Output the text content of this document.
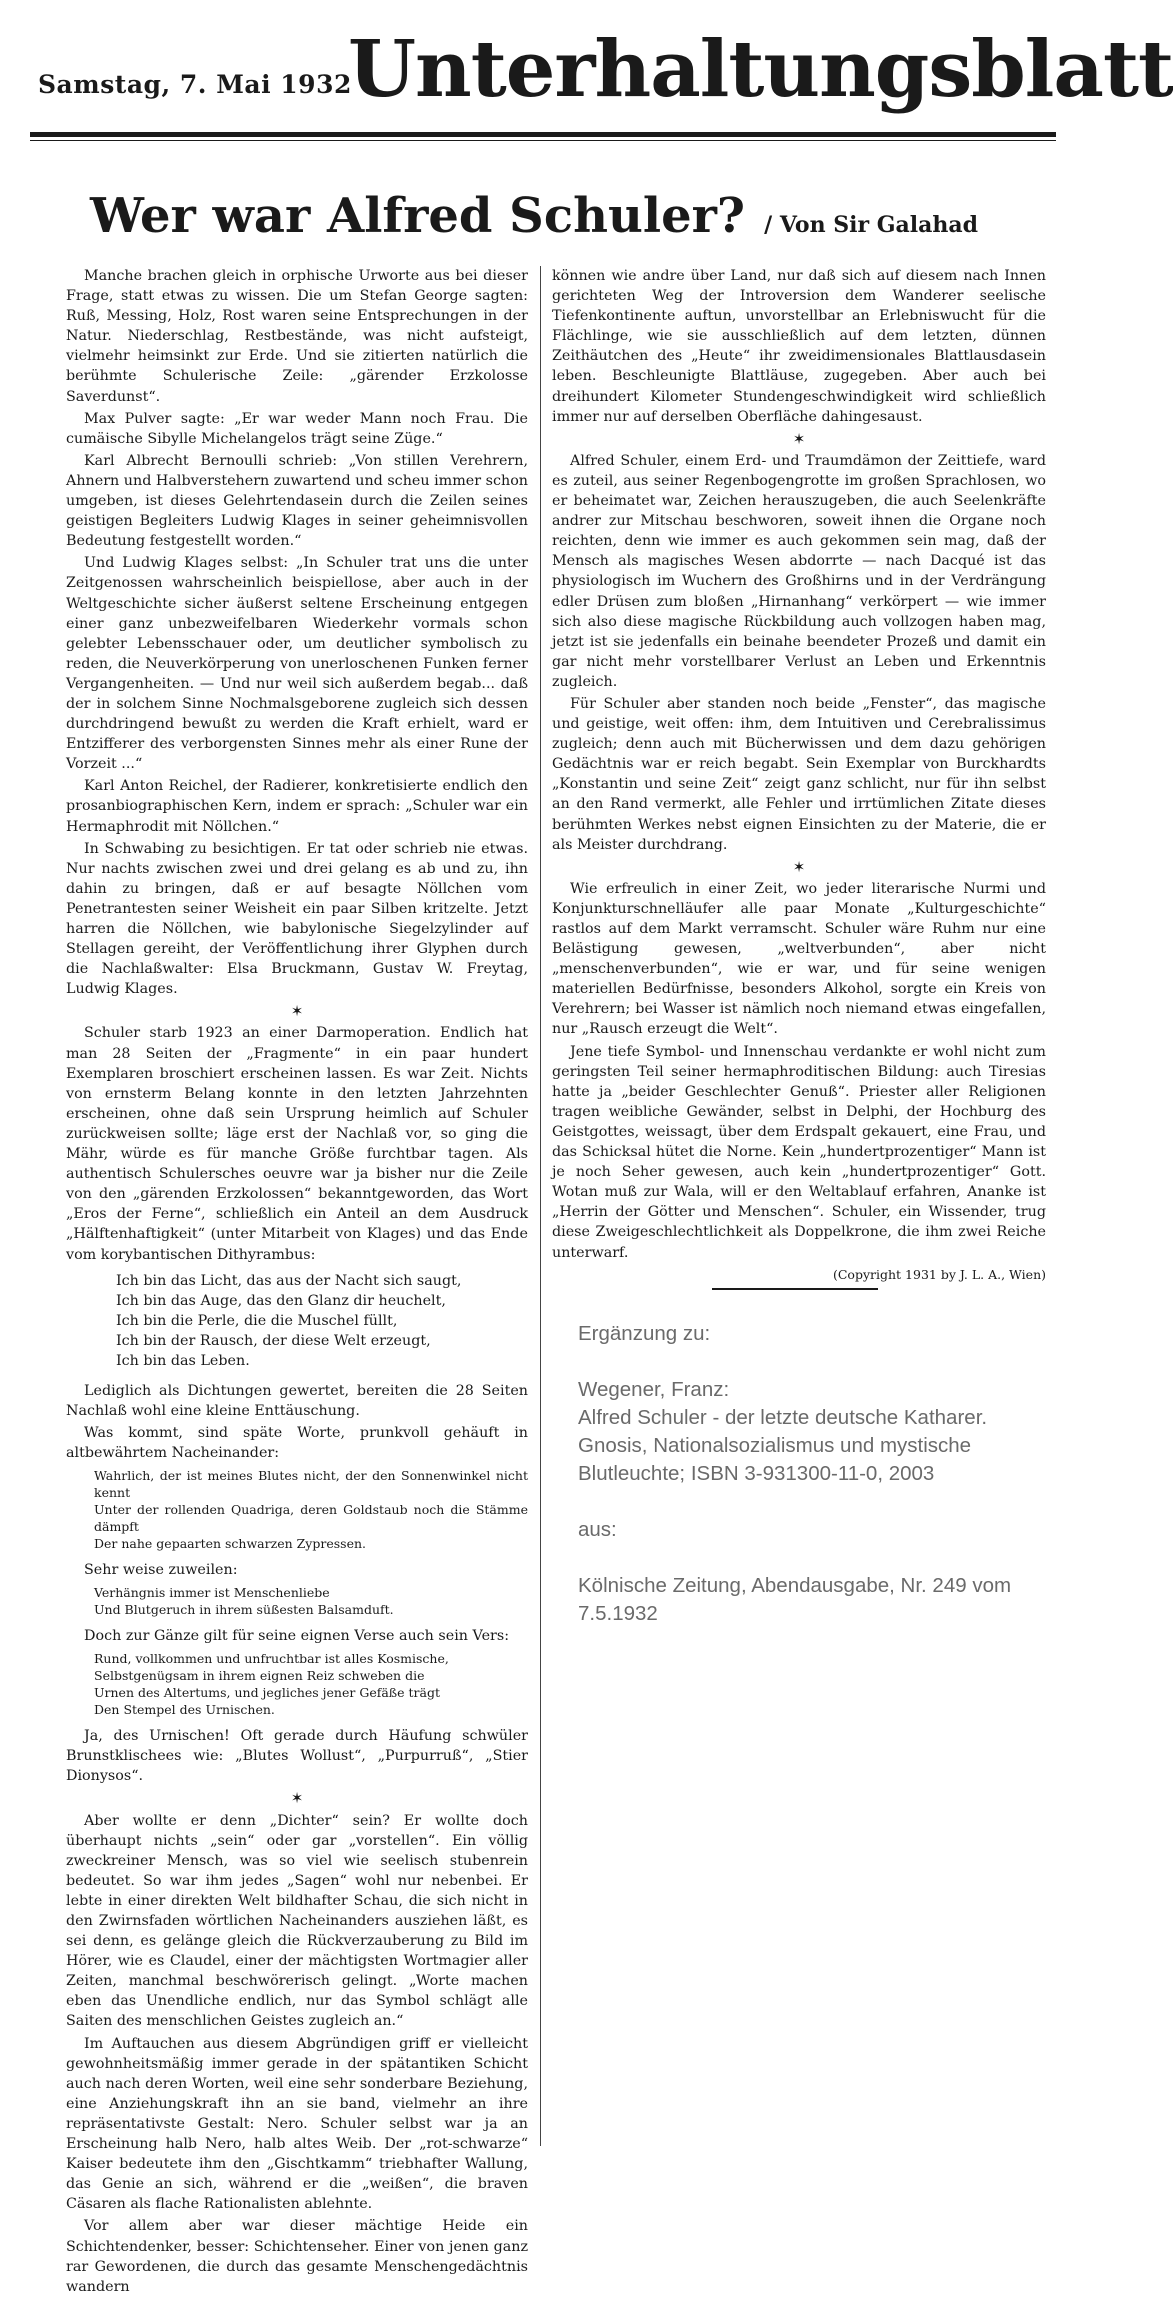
Samstag, 7. Mai 1932
Unterhaltungsblatt
Wer war Alfred Schuler? / Von Sir Galahad

Manche brachen gleich in orphische Urworte aus bei dieser Frage, statt etwas zu wissen. Die um Stefan George sagten: Ruß, Messing, Holz, Rost waren seine Entsprechungen in der Natur. Niederschlag, Restbestände, was nicht aufsteigt, vielmehr heimsinkt zur Erde. Und sie zitierten natürlich die berühmte Schulerische Zeile: „gärender Erzkolosse Saverdunst“.

Max Pulver sagte: „Er war weder Mann noch Frau. Die cumäische Sibylle Michelangelos trägt seine Züge.“

Karl Albrecht Bernoulli schrieb: „Von stillen Verehrern, Ahnern und Halbverstehern zuwartend und scheu immer schon umgeben, ist dieses Gelehrtendasein durch die Zeilen seines geistigen Begleiters Ludwig Klages in seiner geheimnisvollen Bedeutung festgestellt worden.“

Und Ludwig Klages selbst: „In Schuler trat uns die unter Zeitgenossen wahrscheinlich beispiellose, aber auch in der Weltgeschichte sicher äußerst seltene Erscheinung entgegen einer ganz unbezweifelbaren Wiederkehr vormals schon gelebter Lebensschauer oder, um deutlicher symbolisch zu reden, die Neuverkörperung von unerloschenen Funken ferner Vergangenheiten. — Und nur weil sich außerdem begab... daß der in solchem Sinne Nochmalsgeborene zugleich sich dessen durchdringend bewußt zu werden die Kraft erhielt, ward er Entzifferer des verborgensten Sinnes mehr als einer Rune der Vorzeit ...“

Karl Anton Reichel, der Radierer, konkretisierte endlich den prosanbiographischen Kern, indem er sprach: „Schuler war ein Hermaphrodit mit Nöllchen.“

In Schwabing zu besichtigen. Er tat oder schrieb nie etwas. Nur nachts zwischen zwei und drei gelang es ab und zu, ihn dahin zu bringen, daß er auf besagte Nöllchen vom Penetrantesten seiner Weisheit ein paar Silben kritzelte. Jetzt harren die Nöllchen, wie babylonische Siegelzylinder auf Stellagen gereiht, der Veröffentlichung ihrer Glyphen durch die Nachlaßwalter: Elsa Bruckmann, Gustav W. Freytag, Ludwig Klages.

✶

Schuler starb 1923 an einer Darmoperation. Endlich hat man 28 Seiten der „Fragmente“ in ein paar hundert Exemplaren broschiert erscheinen lassen. Es war Zeit. Nichts von ernsterm Belang konnte in den letzten Jahrzehnten erscheinen, ohne daß sein Ursprung heimlich auf Schuler zurückweisen sollte; läge erst der Nachlaß vor, so ging die Mähr, würde es für manche Größe furchtbar tagen. Als authentisch Schulersches oeuvre war ja bisher nur die Zeile von den „gärenden Erzkolossen“ bekanntgeworden, das Wort „Eros der Ferne“, schließlich ein Anteil an dem Ausdruck „Hälftenhaftigkeit“ (unter Mitarbeit von Klages) und das Ende vom korybantischen Dithyrambus:

Ich bin das Licht, das aus der Nacht sich saugt,
Ich bin das Auge, das den Glanz dir heuchelt,
Ich bin die Perle, die die Muschel füllt,
Ich bin der Rausch, der diese Welt erzeugt,
Ich bin das Leben.

Lediglich als Dichtungen gewertet, bereiten die 28 Seiten Nachlaß wohl eine kleine Enttäuschung.

Was kommt, sind späte Worte, prunkvoll gehäuft in altbewährtem Nacheinander:

Wahrlich, der ist meines Blutes nicht, der den Sonnenwinkel nicht kennt
Unter der rollenden Quadriga, deren Goldstaub noch die Stämme dämpft
Der nahe gepaarten schwarzen Zypressen.

Sehr weise zuweilen:

Verhängnis immer ist Menschenliebe
Und Blutgeruch in ihrem süßesten Balsamduft.

Doch zur Gänze gilt für seine eignen Verse auch sein Vers:

Rund, vollkommen und unfruchtbar ist alles Kosmische,
Selbstgenügsam in ihrem eignen Reiz schweben die
Urnen des Altertums, und jegliches jener Gefäße trägt
Den Stempel des Urnischen.

Ja, des Urnischen! Oft gerade durch Häufung schwüler Brunstklischees wie: „Blutes Wollust“, „Purpurruß“, „Stier Dionysos“.

✶

Aber wollte er denn „Dichter“ sein? Er wollte doch überhaupt nichts „sein“ oder gar „vorstellen“. Ein völlig zweckreiner Mensch, was so viel wie seelisch stubenrein bedeutet. So war ihm jedes „Sagen“ wohl nur nebenbei. Er lebte in einer direkten Welt bildhafter Schau, die sich nicht in den Zwirnsfaden wörtlichen Nacheinanders ausziehen läßt, es sei denn, es gelänge gleich die Rückverzauberung zu Bild im Hörer, wie es Claudel, einer der mächtigsten Wortmagier aller Zeiten, manchmal beschwörerisch gelingt. „Worte machen eben das Unendliche endlich, nur das Symbol schlägt alle Saiten des menschlichen Geistes zugleich an.“

Im Auftauchen aus diesem Abgründigen griff er vielleicht gewohnheitsmäßig immer gerade in der spätantiken Schicht auch nach deren Worten, weil eine sehr sonderbare Beziehung, eine Anziehungskraft ihn an sie band, vielmehr an ihre repräsentativste Gestalt: Nero. Schuler selbst war ja an Erscheinung halb Nero, halb altes Weib. Der „rot-schwarze“ Kaiser bedeutete ihm den „Gischtkamm“ triebhafter Wallung, das Genie an sich, während er die „weißen“, die braven Cäsaren als flache Rationalisten ablehnte.

Vor allem aber war dieser mächtige Heide ein Schichtendenker, besser: Schichtenseher. Einer von jenen ganz rar Gewordenen, die durch das gesamte Menschengedächtnis wandern

können wie andre über Land, nur daß sich auf diesem nach Innen gerichteten Weg der Introversion dem Wanderer seelische Tiefenkontinente auftun, unvorstellbar an Erlebniswucht für die Flächlinge, wie sie ausschließlich auf dem letzten, dünnen Zeithäutchen des „Heute“ ihr zweidimensionales Blattlausdasein leben. Beschleunigte Blattläuse, zugegeben. Aber auch bei dreihundert Kilometer Stundengeschwindigkeit wird schließlich immer nur auf derselben Oberfläche dahingesaust.

✶

Alfred Schuler, einem Erd- und Traumdämon der Zeittiefe, ward es zuteil, aus seiner Regenbogengrotte im großen Sprachlosen, wo er beheimatet war, Zeichen herauszugeben, die auch Seelenkräfte andrer zur Mitschau beschworen, soweit ihnen die Organe noch reichten, denn wie immer es auch gekommen sein mag, daß der Mensch als magisches Wesen abdorrte — nach Dacqué ist das physiologisch im Wuchern des Großhirns und in der Verdrängung edler Drüsen zum bloßen „Hirnanhang“ verkörpert — wie immer sich also diese magische Rückbildung auch vollzogen haben mag, jetzt ist sie jedenfalls ein beinahe beendeter Prozeß und damit ein gar nicht mehr vorstellbarer Verlust an Leben und Erkenntnis zugleich.

Für Schuler aber standen noch beide „Fenster“, das magische und geistige, weit offen: ihm, dem Intuitiven und Cerebralissimus zugleich; denn auch mit Bücherwissen und dem dazu gehörigen Gedächtnis war er reich begabt. Sein Exemplar von Burckhardts „Konstantin und seine Zeit“ zeigt ganz schlicht, nur für ihn selbst an den Rand vermerkt, alle Fehler und irrtümlichen Zitate dieses berühmten Werkes nebst eignen Einsichten zu der Materie, die er als Meister durchdrang.

✶

Wie erfreulich in einer Zeit, wo jeder literarische Nurmi und Konjunkturschnelläufer alle paar Monate „Kulturgeschichte“ rastlos auf dem Markt verramscht. Schuler wäre Ruhm nur eine Belästigung gewesen, „weltverbunden“, aber nicht „menschenverbunden“, wie er war, und für seine wenigen materiellen Bedürfnisse, besonders Alkohol, sorgte ein Kreis von Verehrern; bei Wasser ist nämlich noch niemand etwas eingefallen, nur „Rausch erzeugt die Welt“.

Jene tiefe Symbol- und Innenschau verdankte er wohl nicht zum geringsten Teil seiner hermaphroditischen Bildung: auch Tiresias hatte ja „beider Geschlechter Genuß“. Priester aller Religionen tragen weibliche Gewänder, selbst in Delphi, der Hochburg des Geistgottes, weissagt, über dem Erdspalt gekauert, eine Frau, und das Schicksal hütet die Norne. Kein „hundertprozentiger“ Mann ist je noch Seher gewesen, auch kein „hundertprozentiger“ Gott. Wotan muß zur Wala, will er den Weltablauf erfahren, Ananke ist „Herrin der Götter und Menschen“. Schuler, ein Wissender, trug diese Zweigeschlechtlichkeit als Doppelkrone, die ihm zwei Reiche unterwarf.

(Copyright 1931 by J. L. A., Wien)

Ergänzung zu:
Wegener, Franz:
Alfred Schuler - der letzte deutsche Katharer. Gnosis, Nationalsozialismus und mystische Blutleuchte; ISBN 3-931300-11-0, 2003
aus:
Kölnische Zeitung, Abendausgabe, Nr. 249 vom 7.5.1932
